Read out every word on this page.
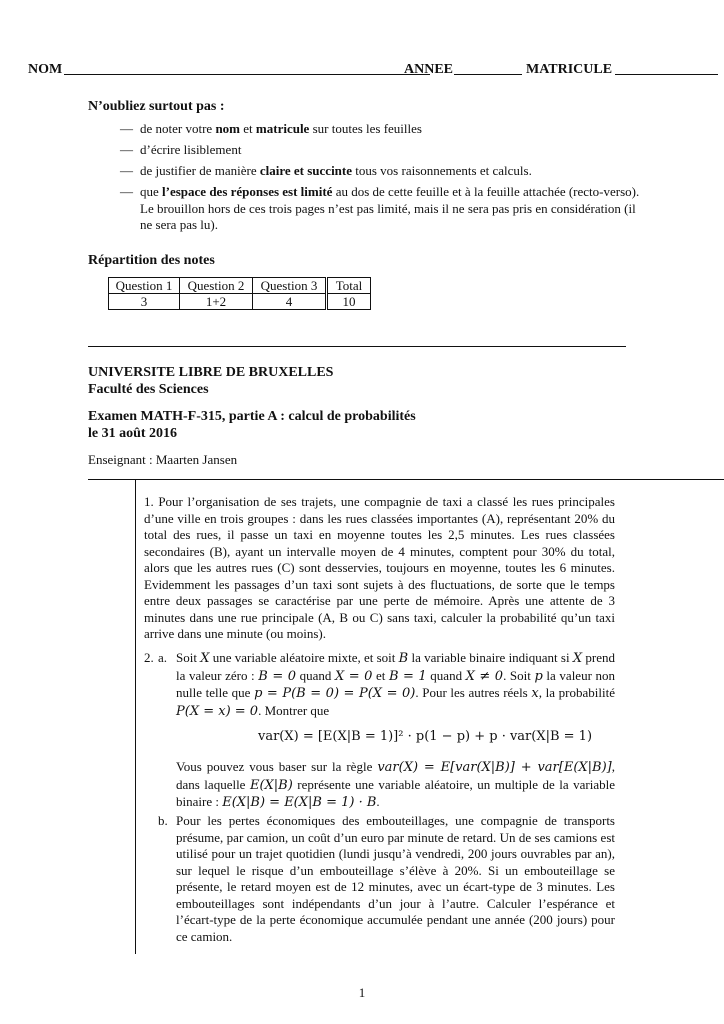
NOM	ANNEE	MATRICULE
N’oubliez surtout pas :
— de noter votre nom et matricule sur toutes les feuilles
— d’écrire lisiblement
— de justifier de manière claire et succinte tous vos raisonnements et calculs.
— que l’espace des réponses est limité au dos de cette feuille et à la feuille attachée (recto-verso). Le brouillon hors de ces trois pages n’est pas limité, mais il ne sera pas pris en considération (il ne sera pas lu).
Répartition des notes
Question 1	Question 2	Question 3	Total
3	1+2	4	10
UNIVERSITE LIBRE DE BRUXELLES
Faculté des Sciences
Examen MATH-F-315, partie A : calcul de probabilités
le 31 août 2016
Enseignant : Maarten Jansen
1. Pour l’organisation de ses trajets, une compagnie de taxi a classé les rues principales d’une ville en trois groupes : dans les rues classées importantes (A), représentant 20% du total des rues, il passe un taxi en moyenne toutes les 2,5 minutes. Les rues classées secondaires (B), ayant un intervalle moyen de 4 minutes, comptent pour 30% du total, alors que les autres rues (C) sont desservies, toujours en moyenne, toutes les 6 minutes. Evidemment les passages d’un taxi sont sujets à des fluctuations, de sorte que le temps entre deux passages se caractérise par une perte de mémoire. Après une attente de 3 minutes dans une rue principale (A, B ou C) sans taxi, calculer la probabilité qu’un taxi arrive dans une minute (ou moins).
2. a. Soit X une variable aléatoire mixte, et soit B la variable binaire indiquant si X prend la valeur zéro : B = 0 quand X = 0 et B = 1 quand X ≠ 0. Soit p la valeur non nulle telle que p = P(B = 0) = P(X = 0). Pour les autres réels x, la probabilité P(X = x) = 0. Montrer que
var(X) = [E(X|B = 1)]² · p(1 − p) + p · var(X|B = 1)
Vous pouvez vous baser sur la règle var(X) = E[var(X|B)] + var[E(X|B)], dans laquelle E(X|B) représente une variable aléatoire, un multiple de la variable binaire : E(X|B) = E(X|B = 1) · B.
b. Pour les pertes économiques des embouteillages, une compagnie de transports présume, par camion, un coût d’un euro par minute de retard. Un de ses camions est utilisé pour un trajet quotidien (lundi jusqu’à vendredi, 200 jours ouvrables par an), sur lequel le risque d’un embouteillage s’élève à 20%. Si un embouteillage se présente, le retard moyen est de 12 minutes, avec un écart-type de 3 minutes. Les embouteillages sont indépendants d’un jour à l’autre. Calculer l’espérance et l’écart-type de la perte économique accumulée pendant une année (200 jours) pour ce camion.
1
